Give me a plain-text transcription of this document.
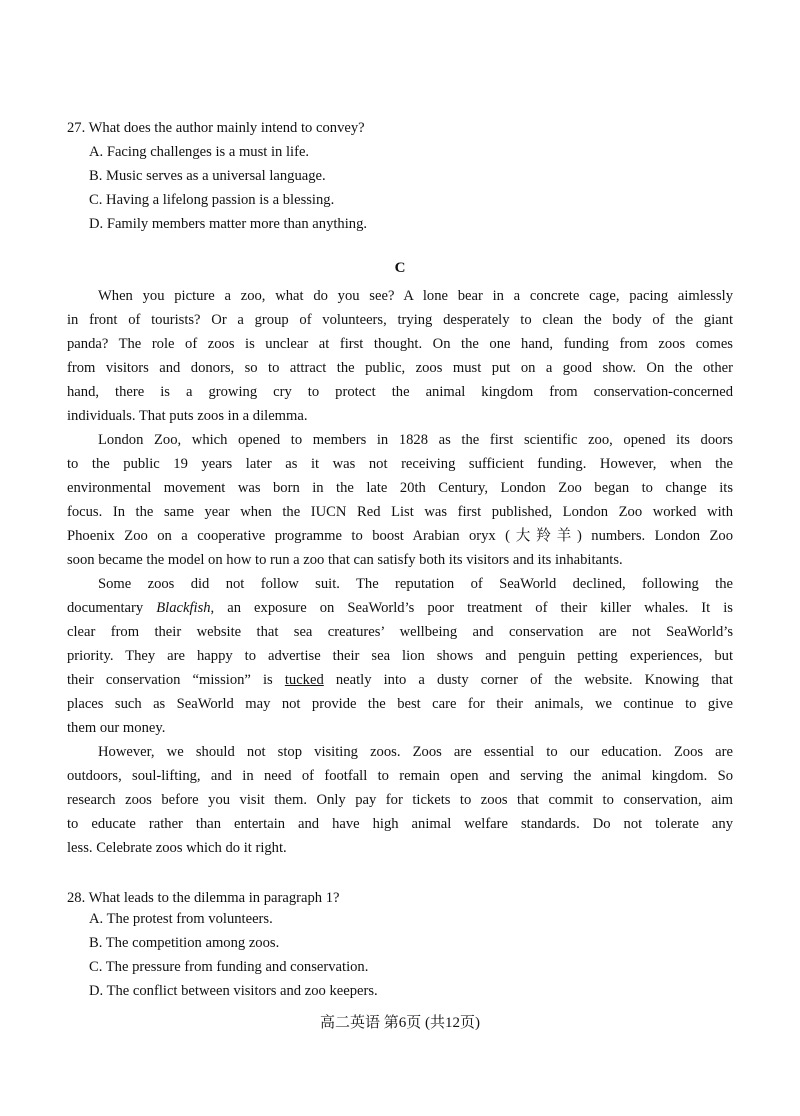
27. What does the author mainly intend to convey?
A. Facing challenges is a must in life.
B. Music serves as a universal language.
C. Having a lifelong passion is a blessing.
D. Family members matter more than anything.
C
When you picture a zoo, what do you see? A lone bear in a concrete cage, pacing aimlessly
in front of tourists? Or a group of volunteers, trying desperately to clean the body of the giant
panda? The role of zoos is unclear at first thought. On the one hand, funding from zoos comes
from visitors and donors, so to attract the public, zoos must put on a good show. On the other
hand, there is a growing cry to protect the animal kingdom from conservation-concerned
individuals. That puts zoos in a dilemma.
London Zoo, which opened to members in 1828 as the first scientific zoo, opened its doors
to the public 19 years later as it was not receiving sufficient funding. However, when the
environmental movement was born in the late 20th Century, London Zoo began to change its
focus. In the same year when the IUCN Red List was first published, London Zoo worked with
Phoenix Zoo on a cooperative programme to boost Arabian oryx (大羚羊) numbers. London Zoo
soon became the model on how to run a zoo that can satisfy both its visitors and its inhabitants.
Some zoos did not follow suit. The reputation of SeaWorld declined, following the
documentary Blackfish, an exposure on SeaWorld’s poor treatment of their killer whales. It is
clear from their website that sea creatures’ wellbeing and conservation are not SeaWorld’s
priority. They are happy to advertise their sea lion shows and penguin petting experiences, but
their conservation “mission” is tucked neatly into a dusty corner of the website. Knowing that
places such as SeaWorld may not provide the best care for their animals, we continue to give
them our money.
However, we should not stop visiting zoos. Zoos are essential to our education. Zoos are
outdoors, soul-lifting, and in need of footfall to remain open and serving the animal kingdom. So
research zoos before you visit them. Only pay for tickets to zoos that commit to conservation, aim
to educate rather than entertain and have high animal welfare standards. Do not tolerate any
less. Celebrate zoos which do it right.
28. What leads to the dilemma in paragraph 1?
A. The protest from volunteers.
B. The competition among zoos.
C. The pressure from funding and conservation.
D. The conflict between visitors and zoo keepers.
高二英语 第6页 (共12页)
